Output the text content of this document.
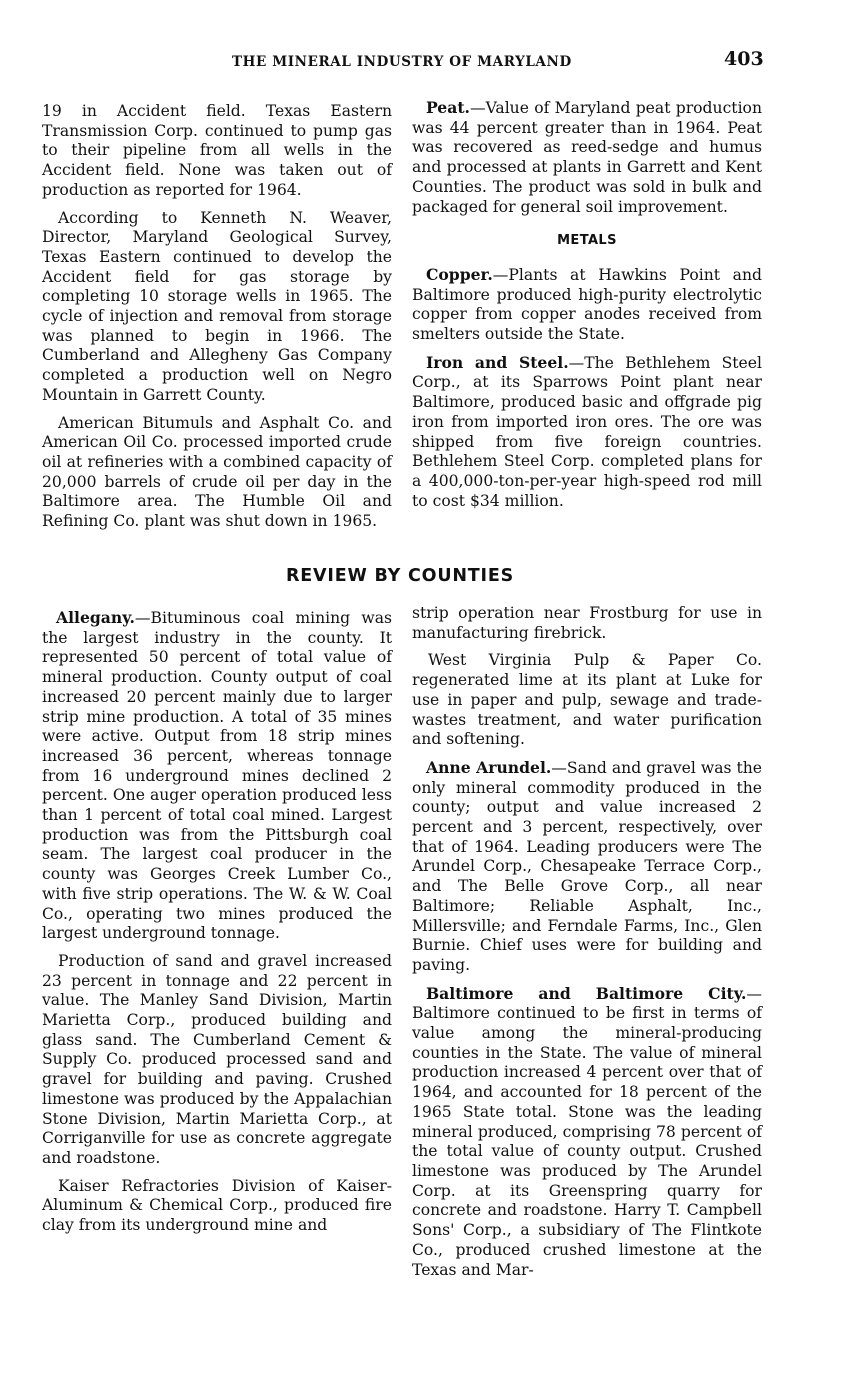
THE MINERAL INDUSTRY OF MARYLAND	403

19 in Accident field. Texas Eastern Transmission Corp. continued to pump gas to their pipeline from all wells in the Accident field. None was taken out of production as reported for 1964.

According to Kenneth N. Weaver, Director, Maryland Geological Survey, Texas Eastern continued to develop the Accident field for gas storage by completing 10 storage wells in 1965. The cycle of injection and removal from storage was planned to begin in 1966. The Cumberland and Allegheny Gas Company completed a production well on Negro Mountain in Garrett County.

American Bitumuls and Asphalt Co. and American Oil Co. processed imported crude oil at refineries with a combined capacity of 20,000 barrels of crude oil per day in the Baltimore area. The Humble Oil and Refining Co. plant was shut down in 1965.

Peat.—Value of Maryland peat production was 44 percent greater than in 1964. Peat was recovered as reed-sedge and humus and processed at plants in Garrett and Kent Counties. The product was sold in bulk and packaged for general soil improvement.

METALS

Copper.—Plants at Hawkins Point and Baltimore produced high-purity electrolytic copper from copper anodes received from smelters outside the State.

Iron and Steel.—The Bethlehem Steel Corp., at its Sparrows Point plant near Baltimore, produced basic and offgrade pig iron from imported iron ores. The ore was shipped from five foreign countries. Bethlehem Steel Corp. completed plans for a 400,000-ton-per-year high-speed rod mill to cost $34 million.

REVIEW BY COUNTIES

Allegany.—Bituminous coal mining was the largest industry in the county. It represented 50 percent of total value of mineral production. County output of coal increased 20 percent mainly due to larger strip mine production. A total of 35 mines were active. Output from 18 strip mines increased 36 percent, whereas tonnage from 16 underground mines declined 2 percent. One auger operation produced less than 1 percent of total coal mined. Largest production was from the Pittsburgh coal seam. The largest coal producer in the county was Georges Creek Lumber Co., with five strip operations. The W. & W. Coal Co., operating two mines produced the largest underground tonnage.

Production of sand and gravel increased 23 percent in tonnage and 22 percent in value. The Manley Sand Division, Martin Marietta Corp., produced building and glass sand. The Cumberland Cement & Supply Co. produced processed sand and gravel for building and paving. Crushed limestone was produced by the Appalachian Stone Division, Martin Marietta Corp., at Corriganville for use as concrete aggregate and roadstone.

Kaiser Refractories Division of Kaiser-Aluminum & Chemical Corp., produced fire clay from its underground mine and

strip operation near Frostburg for use in manufacturing firebrick.

West Virginia Pulp & Paper Co. regenerated lime at its plant at Luke for use in paper and pulp, sewage and trade-wastes treatment, and water purification and softening.

Anne Arundel.—Sand and gravel was the only mineral commodity produced in the county; output and value increased 2 percent and 3 percent, respectively, over that of 1964. Leading producers were The Arundel Corp., Chesapeake Terrace Corp., and The Belle Grove Corp., all near Baltimore; Reliable Asphalt, Inc., Millersville; and Ferndale Farms, Inc., Glen Burnie. Chief uses were for building and paving.

Baltimore and Baltimore City.—Baltimore continued to be first in terms of value among the mineral-producing counties in the State. The value of mineral production increased 4 percent over that of 1964, and accounted for 18 percent of the 1965 State total. Stone was the leading mineral produced, comprising 78 percent of the total value of county output. Crushed limestone was produced by The Arundel Corp. at its Greenspring quarry for concrete and roadstone. Harry T. Campbell Sons' Corp., a subsidiary of The Flintkote Co., produced crushed limestone at the Texas and Mar-
